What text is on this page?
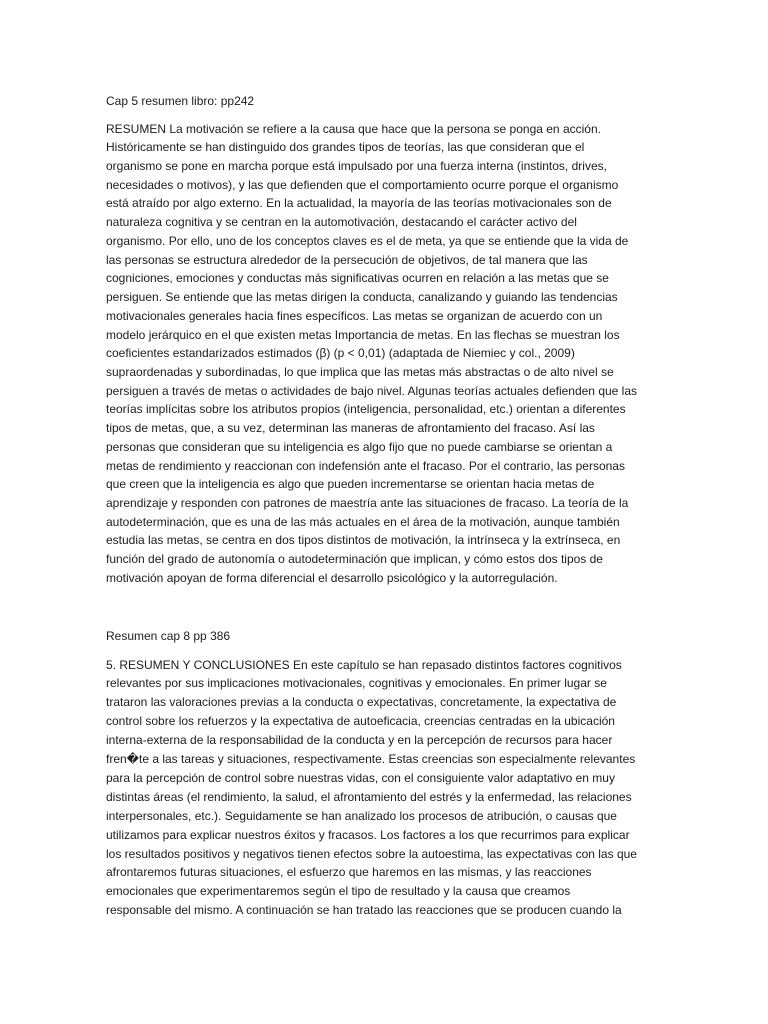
Cap 5 resumen libro: pp242
RESUMEN La motivación se refiere a la causa que hace que la persona se ponga en acción.
Históricamente se han distinguido dos grandes tipos de teorías, las que consideran que el
organismo se pone en marcha porque está impulsado por una fuerza interna (instintos, drives,
necesidades o motivos), y las que defienden que el comportamiento ocurre porque el organismo
está atraído por algo externo. En la actualidad, la mayoría de las teorías motivacionales son de
naturaleza cognitiva y se centran en la automotivación, destacando el carácter activo del
organismo. Por ello, uno de los conceptos claves es el de meta, ya que se entiende que la vida de
las personas se estructura alrededor de la persecución de objetivos, de tal manera que las
cogniciones, emociones y conductas más significativas ocurren en relación a las metas que se
persiguen. Se entiende que las metas dirigen la conducta, canalizando y guiando las tendencias
motivacionales generales hacia fines específicos. Las metas se organizan de acuerdo con un
modelo jerárquico en el que existen metas Importancia de metas. En las flechas se muestran los
coeficientes estandarizados estimados (β) (p < 0,01) (adaptada de Niemiec y col., 2009)
supraordenadas y subordinadas, lo que implica que las metas más abstractas o de alto nivel se
persiguen a través de metas o actividades de bajo nivel. Algunas teorías actuales defienden que las
teorías implícitas sobre los atributos propios (inteligencia, personalidad, etc.) orientan a diferentes
tipos de metas, que, a su vez, determinan las maneras de afrontamiento del fracaso. Así las
personas que consideran que su inteligencia es algo fijo que no puede cambiarse se orientan a
metas de rendimiento y reaccionan con indefensión ante el fracaso. Por el contrario, las personas
que creen que la inteligencia es algo que pueden incrementarse se orientan hacia metas de
aprendizaje y responden con patrones de maestría ante las situaciones de fracaso. La teoría de la
autodeterminación, que es una de las más actuales en el área de la motivación, aunque también
estudia las metas, se centra en dos tipos distintos de motivación, la intrínseca y la extrínseca, en
función del grado de autonomía o autodeterminación que implican, y cómo estos dos tipos de
motivación apoyan de forma diferencial el desarrollo psicológico y la autorregulación.
Resumen cap 8 pp 386
5. RESUMEN Y CONCLUSIONES En este capítulo se han repasado distintos factores cognitivos
relevantes por sus implicaciones motivacionales, cognitivas y emocionales. En primer lugar se
trataron las valoraciones previas a la conducta o expectativas, concretamente, la expectativa de
control sobre los refuerzos y la expectativa de autoeficacia, creencias centradas en la ubicación
interna-externa de la responsabilidad de la conducta y en la percepción de recursos para hacer
fren�te a las tareas y situaciones, respectivamente. Estas creencias son especialmente relevantes
para la percepción de control sobre nuestras vidas, con el consiguiente valor adaptativo en muy
distintas áreas (el rendimiento, la salud, el afrontamiento del estrés y la enfermedad, las relaciones
interpersonales, etc.). Seguidamente se han analizado los procesos de atribución, o causas que
utilizamos para explicar nuestros éxitos y fracasos. Los factores a los que recurrimos para explicar
los resultados positivos y negativos tienen efectos sobre la autoestima, las expectativas con las que
afrontaremos futuras situaciones, el esfuerzo que haremos en las mismas, y las reacciones
emocionales que experimentaremos según el tipo de resultado y la causa que creamos
responsable del mismo. A continuación se han tratado las reacciones que se producen cuando la
